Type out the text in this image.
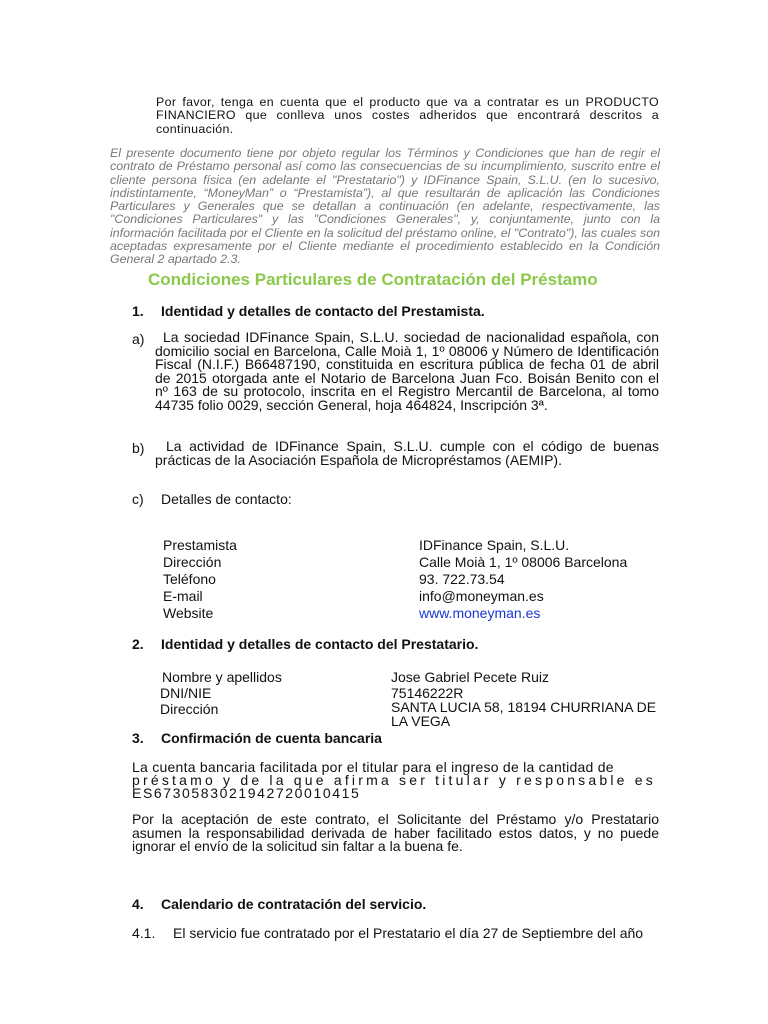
Por favor, tenga en cuenta que el producto que va a contratar es un PRODUCTO FINANCIERO que conlleva unos costes adheridos que encontrará descritos a continuación.
El presente documento tiene por objeto regular los Términos y Condiciones que han de regir el contrato de Préstamo personal así como las consecuencias de su incumplimiento, suscrito entre el cliente persona física (en adelante el "Prestatario") y IDFinance Spain, S.L.U. (en lo sucesivo, indistintamente, “MoneyMan” o “Prestamista”), al que resultarán de aplicación las Condiciones Particulares y Generales que se detallan a continuación (en adelante, respectivamente, las "Condiciones Particulares" y las "Condiciones Generales", y, conjuntamente, junto con la información facilitada por el Cliente en la solicitud del préstamo online, el "Contrato"), las cuales son aceptadas expresamente por el Cliente mediante el procedimiento establecido en la Condición General 2 apartado 2.3.
Condiciones Particulares de Contratación del Préstamo
1. Identidad y detalles de contacto del Prestamista.
a)	La sociedad IDFinance Spain, S.L.U. sociedad de nacionalidad española, con domicilio social en Barcelona, Calle Moià 1, 1º 08006 y Número de Identificación Fiscal (N.I.F.) B66487190, constituida en escritura pública de fecha 01 de abril de 2015 otorgada ante el Notario de Barcelona Juan Fco. Boisán Benito con el nº 163 de su protocolo, inscrita en el Registro Mercantil de Barcelona, al tomo 44735 folio 0029, sección General, hoja 464824, Inscripción 3ª.
b)	La actividad de IDFinance Spain, S.L.U. cumple con el código de buenas prácticas de la Asociación Española de Micropréstamos (AEMIP).
c) Detalles de contacto:
Prestamista	IDFinance Spain, S.L.U.
Dirección	Calle Moià 1, 1º 08006 Barcelona
Teléfono	93. 722.73.54
E-mail	info@moneyman.es
Website	www.moneyman.es
2. Identidad y detalles de contacto del Prestatario.
Nombre y apellidos	Jose Gabriel Pecete Ruiz
DNI/NIE	75146222R
Dirección	SANTA LUCIA 58, 18194 CHURRIANA DE LA VEGA
3. Confirmación de cuenta bancaria
La cuenta bancaria facilitada por el titular para el ingreso de la cantidad de
préstamo y de la que afirma ser titular y responsable es
ES6730583021942720010415
Por la aceptación de este contrato, el Solicitante del Préstamo y/o Prestatario asumen la responsabilidad derivada de haber facilitado estos datos, y no puede ignorar el envío de la solicitud sin faltar a la buena fe.
4. Calendario de contratación del servicio.
4.1. El servicio fue contratado por el Prestatario el día 27 de Septiembre del año
